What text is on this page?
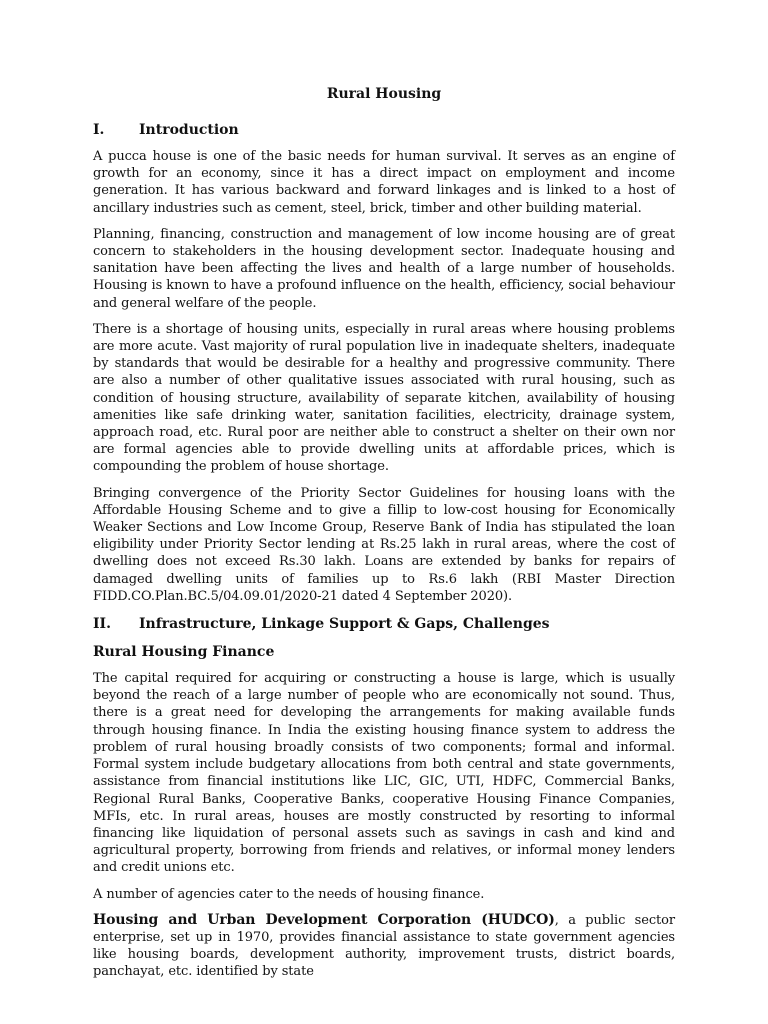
Rural Housing
I.	Introduction

A pucca house is one of the basic needs for human survival. It serves as an engine of growth for an economy, since it has a direct impact on employment and income generation. It has various backward and forward linkages and is linked to a host of ancillary industries such as cement, steel, brick, timber and other building material.

Planning, financing, construction and management of low income housing are of great concern to stakeholders in the housing development sector. Inadequate housing and sanitation have been affecting the lives and health of a large number of households. Housing is known to have a profound influence on the health, efficiency, social behaviour and general welfare of the people.

There is a shortage of housing units, especially in rural areas where housing problems are more acute. Vast majority of rural population live in inadequate shelters, inadequate by standards that would be desirable for a healthy and progressive community. There are also a number of other qualitative issues associated with rural housing, such as condition of housing structure, availability of separate kitchen, availability of housing amenities like safe drinking water, sanitation facilities, electricity, drainage system, approach road, etc. Rural poor are neither able to construct a shelter on their own nor are formal agencies able to provide dwelling units at affordable prices, which is compounding the problem of house shortage.

Bringing convergence of the Priority Sector Guidelines for housing loans with the Affordable Housing Scheme and to give a fillip to low-cost housing for Economically Weaker Sections and Low Income Group, Reserve Bank of India has stipulated the loan eligibility under Priority Sector lending at Rs.25 lakh in rural areas, where the cost of dwelling does not exceed Rs.30 lakh. Loans are extended by banks for repairs of damaged dwelling units of families up to Rs.6 lakh (RBI Master Direction FIDD.CO.Plan.BC.5/04.09.01/2020-21 dated 4 September 2020).

II.	Infrastructure, Linkage Support & Gaps, Challenges
Rural Housing Finance

The capital required for acquiring or constructing a house is large, which is usually beyond the reach of a large number of people who are economically not sound. Thus, there is a great need for developing the arrangements for making available funds through housing finance. In India the existing housing finance system to address the problem of rural housing broadly consists of two components; formal and informal. Formal system include budgetary allocations from both central and state governments, assistance from financial institutions like LIC, GIC, UTI, HDFC, Commercial Banks, Regional Rural Banks, Cooperative Banks, cooperative Housing Finance Companies, MFIs, etc. In rural areas, houses are mostly constructed by resorting to informal financing like liquidation of personal assets such as savings in cash and kind and agricultural property, borrowing from friends and relatives, or informal money lenders and credit unions etc.

A number of agencies cater to the needs of housing finance.

Housing and Urban Development Corporation (HUDCO), a public sector enterprise, set up in 1970, provides financial assistance to state government agencies like housing boards, development authority, improvement trusts, district boards, panchayat, etc. identified by state
